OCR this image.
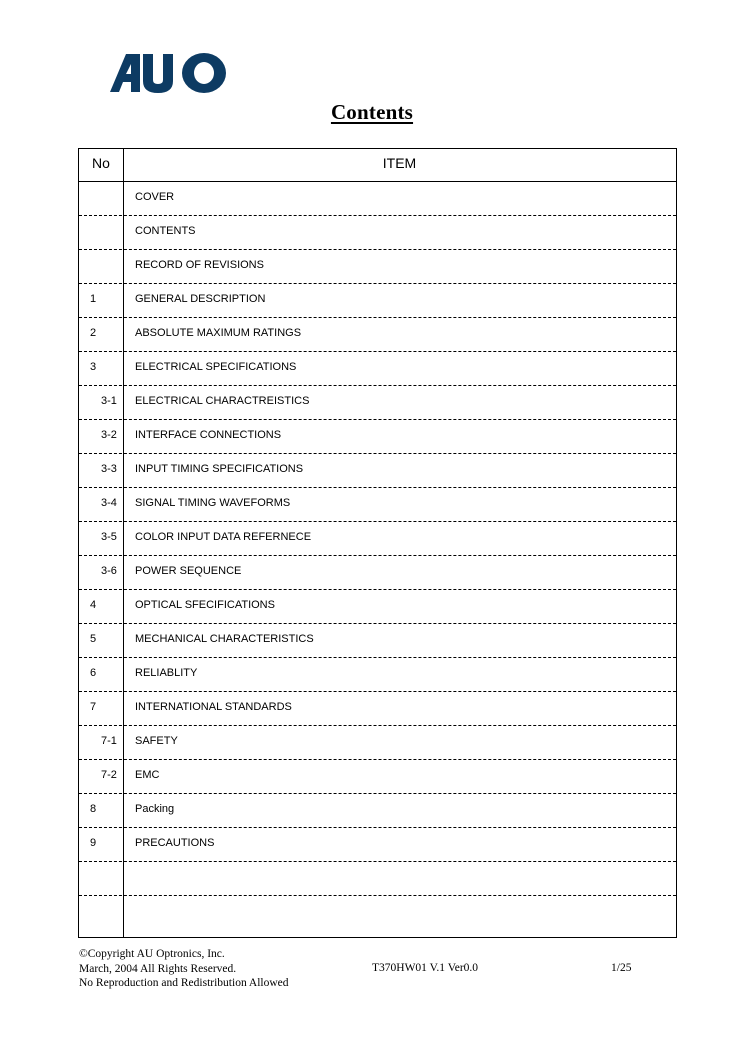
Contents
No	ITEM
COVER
CONTENTS
RECORD OF REVISIONS
1	GENERAL DESCRIPTION
2	ABSOLUTE MAXIMUM RATINGS
3	ELECTRICAL SPECIFICATIONS
3-1 ELECTRICAL CHARACTREISTICS
3-2 INTERFACE CONNECTIONS
3-3 INPUT TIMING SPECIFICATIONS
3-4 SIGNAL TIMING WAVEFORMS
3-5 COLOR INPUT DATA REFERNECE
3-6 POWER SEQUENCE
4	OPTICAL SFECIFICATIONS
5	MECHANICAL CHARACTERISTICS
6	RELIABLITY
7	INTERNATIONAL STANDARDS
7-1 SAFETY
7-2 EMC
8	Packing
9	PRECAUTIONS
©Copyright AU Optronics, Inc.
March, 2004 All Rights Reserved.
No Reproduction and Redistribution Allowed
T370HW01 V.1 Ver0.0	1/25
